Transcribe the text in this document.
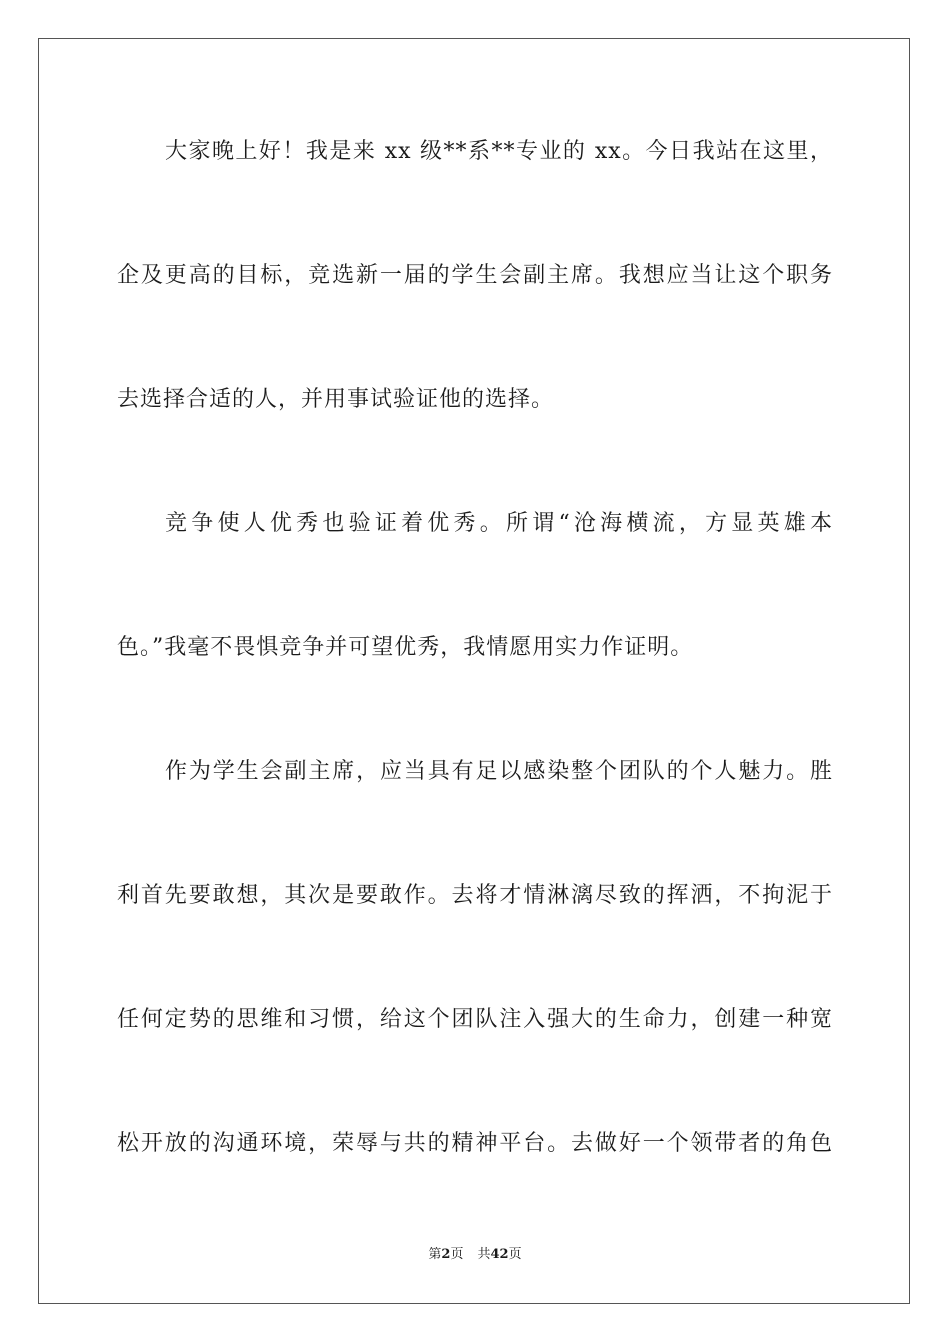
大家晚上好！我是来 xx 级**系**专业的 xx。今日我站在这里，
企及更高的目标，竞选新一届的学生会副主席。我想应当让这个职务
去选择合适的人，并用事试验证他的选择。
竞争使人优秀也验证着优秀。所谓“沧海横流，方显英雄本
色。”我毫不畏惧竞争并可望优秀，我情愿用实力作证明。
作为学生会副主席，应当具有足以感染整个团队的个人魅力。胜
利首先要敢想，其次是要敢作。去将才情淋漓尽致的挥洒，不拘泥于
任何定势的思维和习惯，给这个团队注入强大的生命力，创建一种宽
松开放的沟通环境，荣辱与共的精神平台。去做好一个领带者的角色
第2页 共42页
